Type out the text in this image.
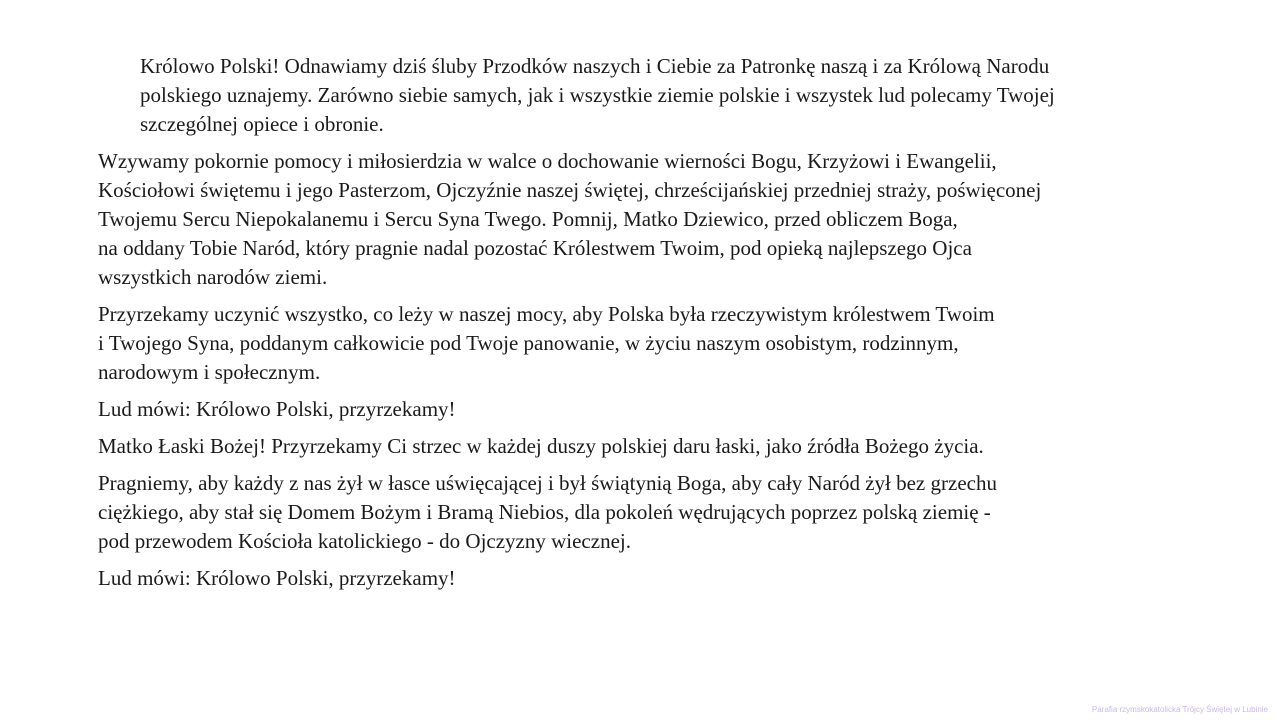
Królowo Polski! Odnawiamy dziś śluby Przodków naszych i Ciebie za Patronkę naszą i za Królową Narodu
polskiego uznajemy. Zarówno siebie samych, jak i wszystkie ziemie polskie i wszystek lud polecamy Twojej
szczególnej opiece i obronie.

Wzywamy pokornie pomocy i miłosierdzia w walce o dochowanie wierności Bogu, Krzyżowi i Ewangelii,
Kościołowi świętemu i jego Pasterzom, Ojczyźnie naszej świętej, chrześcijańskiej przedniej straży, poświęconej
Twojemu Sercu Niepokalanemu i Sercu Syna Twego. Pomnij, Matko Dziewico, przed obliczem Boga,
na oddany Tobie Naród, który pragnie nadal pozostać Królestwem Twoim, pod opieką najlepszego Ojca
wszystkich narodów ziemi.

Przyrzekamy uczynić wszystko, co leży w naszej mocy, aby Polska była rzeczywistym królestwem Twoim
i Twojego Syna, poddanym całkowicie pod Twoje panowanie, w życiu naszym osobistym, rodzinnym,
narodowym i społecznym.

Lud mówi: Królowo Polski, przyrzekamy!

Matko Łaski Bożej! Przyrzekamy Ci strzec w każdej duszy polskiej daru łaski, jako źródła Bożego życia.

Pragniemy, aby każdy z nas żył w łasce uświęcającej i był świątynią Boga, aby cały Naród żył bez grzechu
ciężkiego, aby stał się Domem Bożym i Bramą Niebios, dla pokoleń wędrujących poprzez polską ziemię -
pod przewodem Kościoła katolickiego - do Ojczyzny wiecznej.

Lud mówi: Królowo Polski, przyrzekamy!

Parafia rzymskokatolicka Trójcy Świętej w Lubinie
